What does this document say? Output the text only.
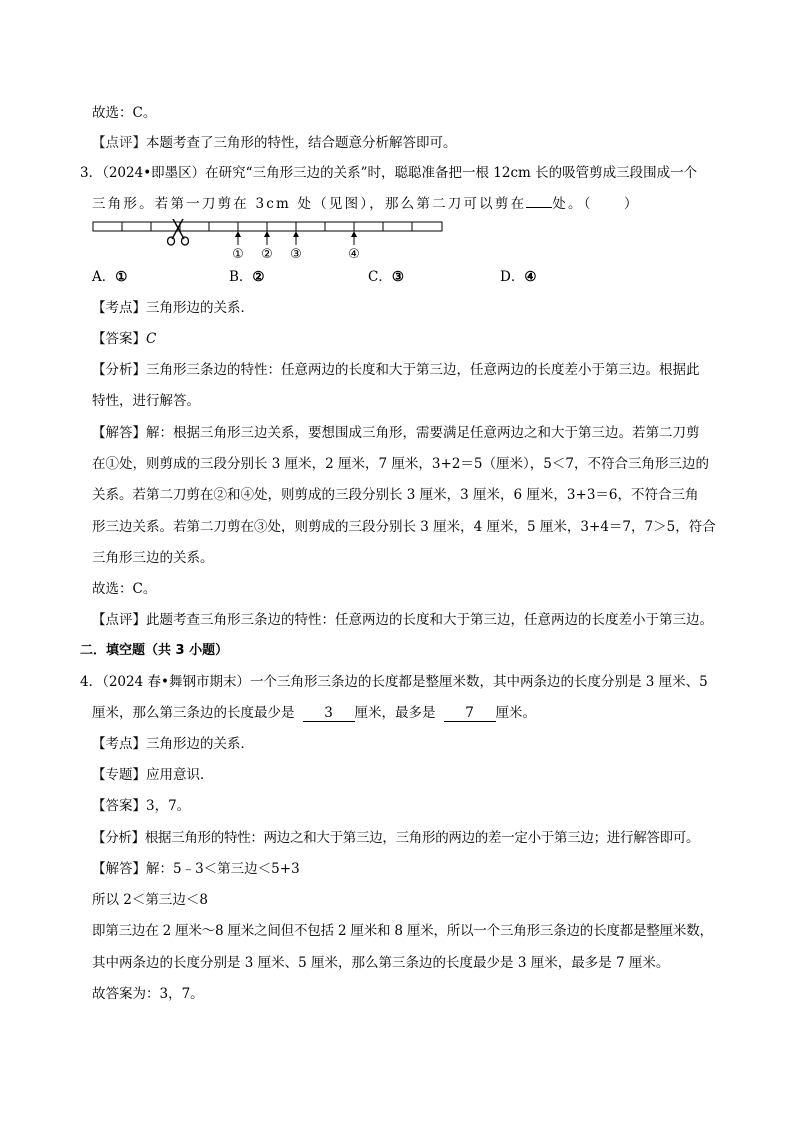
故选：C。
【点评】本题考查了三角形的特性，结合题意分析解答即可。
3．（2024•即墨区）在研究“三角形三边的关系”时，聪聪准备把一根 12cm 长的吸管剪成三段围成一个
三角形。若第一刀剪在 3cm 处（见图），那么第二刀可以剪在 处。（　　）
① ② ③	④
A．①	B．②	C．③	D．④
【考点】三角形边的关系．
【答案】C
【分析】三角形三条边的特性：任意两边的长度和大于第三边，任意两边的长度差小于第三边。根据此
特性，进行解答。
【解答】解：根据三角形三边关系，要想围成三角形，需要满足任意两边之和大于第三边。若第二刀剪
在①处，则剪成的三段分别长 3 厘米，2 厘米，7 厘米，3+2＝5（厘米），5＜7，不符合三角形三边的
关系。若第二刀剪在②和④处，则剪成的三段分别长 3 厘米，3 厘米，6 厘米，3+3＝6，不符合三角
形三边关系。若第二刀剪在③处，则剪成的三段分别长 3 厘米，4 厘米，5 厘米，3+4＝7，7＞5，符合
三角形三边的关系。
故选：C。
【点评】此题考查三角形三条边的特性：任意两边的长度和大于第三边，任意两边的长度差小于第三边。
二．填空题（共 3 小题）
4．（2024 春•舞钢市期末）一个三角形三条边的长度都是整厘米数，其中两条边的长度分别是 3 厘米、5
厘米，那么第三条边的长度最少是 3 厘米，最多是 7 厘米。
【考点】三角形边的关系．
【专题】应用意识．
【答案】3，7。
【分析】根据三角形的特性：两边之和大于第三边，三角形的两边的差一定小于第三边；进行解答即可。
【解答】解：5﹣3＜第三边＜5+3
所以 2＜第三边＜8
即第三边在 2 厘米～8 厘米之间但不包括 2 厘米和 8 厘米，所以一个三角形三条边的长度都是整厘米数，
其中两条边的长度分别是 3 厘米、5 厘米，那么第三条边的长度最少是 3 厘米，最多是 7 厘米。
故答案为：3，7。
